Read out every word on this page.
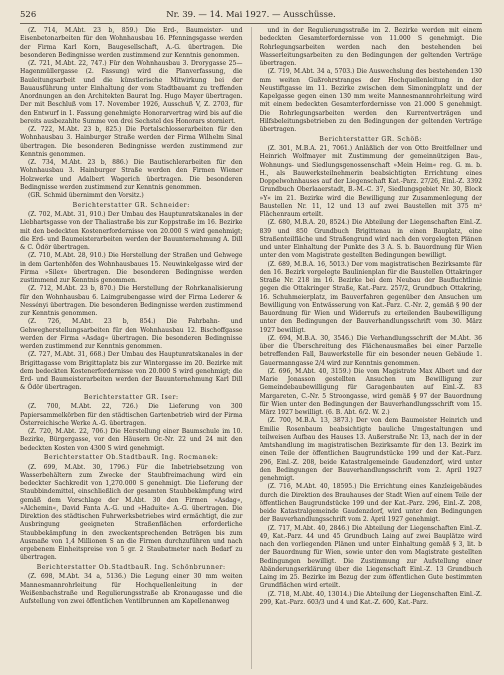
526	Nr. 39. — 14. Mai 1927. — Ausschüsse.

(Z. 714, M.Abt. 23 b, 859.) Die Erd-, Baumeister- und Eisenbetonarbeiten für den Wohnhausbau 16. Pfenningsgasse werden der Firma Karl Korn, Baugesellschaft, A.-G. übertragen. Die besonderen Bedingnisse werden zustimmend zur Kenntnis genommen.

(Z. 721, M.Abt. 22, 747.) Für den Wohnhausbau 3. Drorygasse 25—Hagenmüllergasse (2. Fassung) wird die Planverfassung, die Bauleitungsarbeit und die künstlerische Mitwirkung bei der Bauausführung unter Einhaltung der vom Stadtbauamt zu treffenden Anordnungen an den Architekten Baurat Ing. Hugo Mayer übertragen. Der mit Beschluß vom 17. November 1926, Ausschuß V, Z. 2703, für den Entwurf in 1. Fassung genehmigte Honorarvertrag wird bis auf die bereits ausbezahlte Summe von drei Sechstel des Honorars storniert.

(Z. 722, M.Abt. 23 b, 825.) Die Portalschlosserarbeiten für den Wohnhausbau 3. Hainburger Straße werden der Firma Wilhelm Sinal übertragen. Die besonderen Bedingnisse werden zustimmend zur Kenntnis genommen.

(Z. 734, M.Abt. 23 b, 886.) Die Bautischlerarbeiten für den Wohnhausbau 3. Hainburger Straße werden den Firmen Wiener Holzwerke und Adalbert Wagerich übertragen. Die besonderen Bedingnisse werden zustimmend zur Kenntnis genommen.

(GR. Schmid übernimmt den Vorsitz.)

Berichterstatter GR. Schneider:

(Z. 702, M.Abt. 31, 910.) Der Umbau des Hauptunratskanales in der Liebhartsgasse von der Thaliastraße bis zur Koppstraße im 16. Bezirke mit den bedeckten Kostenerfordernisse von 20.000 S wird genehmigt; die Erd- und Baumeisterarbeiten werden der Bauunternehmung A. Dill & C. Ödör übertragen.

(Z. 710, M.Abt. 28, 910.) Die Herstellung der Straßen und Gehwege in dem Gartenhöfen des Wohnhausbaues 15. Neuwinkelgasse wird der Firma »Silex« übertragen. Die besonderen Bedingnisse werden zustimmend zur Kenntnis genommen.

(Z. 712, M.Abt. 23 b, 870.) Die Herstellung der Rohrkanalisierung für den Wohnhausbau 6. Laimgrubengasse wird der Firma Lederer & Nessényi übertragen. Die besonderen Bedingnisse werden zustimmend zur Kenntnis genommen.

(Z. 726, M.Abt. 23 b, 854.) Die Fahrbahn- und Gehwegherstellungsarbeiten für den Wohnhausbau 12. Bischoffgasse werden der Firma »Asdag« übertragen. Die besonderen Bedingnisse werden zustimmend zur Kenntnis genommen.

(Z. 727, M.Abt. 31, 668.) Der Umbau des Hauptunratskanales in der Brigittagasse vom Brigittaplatz bis zur Wintergasse im 20. Bezirke mit dem bedeckten Kostenerfordernisse von 20.000 S wird genehmigt; die Erd- und Baumeisterarbeiten werden der Bauunternehmung Karl Dill & Ödör übertragen.

Berichterstatter GR. Iser:

(Z. 700, M.Abt. 22, 726.) Die Lieferung von 300 Papiersammelkörben für den städtischen Gartenbetrieb wird der Firma Österreichische Werke A.-G. übertragen.

(Z. 720, M.Abt. 22, 706.) Die Herstellung einer Baumschule im 10. Bezirke, Bürgergasse, vor den Häusern Or.-Nr. 22 und 24 mit den bedeckten Kosten von 4300 S wird genehmigt.

Berichterstatter Ob.StadtbauR. Ing. Rocmanek:

(Z. 699, M.Abt. 30, 1796.) Für die Inbetriebsetzung von Wasserbehältern zum Zwecke der Staubfreimachung wird ein bedeckter Sachkredit von 1,270.000 S genehmigt. Die Lieferung der Staubbindemittel, einschließlich der gesamten Staubbekämpfung wird gemäß dem Vorschlage der M.Abt. 30 den Firmen »Asdag«, »Alchemin«, David Fanta A.-G. und »Haduite« A.-G. übertragen. Die Direktion des städtischen Fuhrwerksbetriebes wird ermächtigt, die zur Ausbringung geeigneten Straßenflächen erforderliche Staubbekämpfung in den zweckentsprechenden Beträgen bis zum Ausmaße von 1,4 Millionen S an die Firmen durchzuführen und nach ergebenem Einheitspreise von 5 gr. 2 Staubatmeter nach Bedarf zu übertragen.

Berichterstatter Ob.StadtbauR. Ing. Schönbrunner:

(Z. 698, M.Abt. 34 a, 5136.) Die Legung einer 30 mm weiten Mannesmannrohrleitung für Hochquellenleitung in der Weißenbachstraße und Regulierungsstraße ab Kronaugasse und die Aufstellung von zwei öffentlichen Ventilbrunnen am Kapellenanweg

und in der Regulierungsstraße im 2. Bezirke werden mit einem bedeckten Gesamterfordernisse von 11.000 S genehmigt. Die Rohrlegungsarbeiten werden nach den bestehenden bei Wasserleitungsarbeiten zu den Bedingungen der geltenden Verträge übertragen.

(Z. 719, M.Abt. 34 a, 5703.) Die Auswechslung des bestehenden 130 mm weiten Gußrohrstranges der Hochquellenleitung in der Neustiftgasse im 11. Bezirke zwischen dem Simoningplatz und der Kapelgasse gegen einen 130 mm weite Mannesmannrohrleitung wird mit einem bedeckten Gesamterfordernisse von 21.000 S genehmigt. Die Rohrlegungsarbeiten werden den Kurrentverträgen und Hilfsbeleitungsbetrieben zu den Bedingungen der geltenden Verträge übertragen.

Berichterstatter GR. Schöß:

(Z. 301, M.B.A. 21, 7061.) Anläßlich der von Otto Breitfellner und Heinrich Wolfmayer mit Zustimmung der gemeinnützigen Bau-, Wohnungs- und Siedlungsgenossenschaft »Mein Heim« reg. G. m. b. H., als Bauwerksteilnehmerin beabsichtigten Errichtung eines Doppelwohnhauses auf der Liegenschaft Kat.-Parz. 27/26, Einl.-Z. 3392 Grundbuch Oberlaaerstadt, B.-M.-C. 37, Siedlungsgebiet Nr. 30, Block »Y« im 21. Bezirke wird die Bewilligung zur Zusammenlegung der Baustellen Nr. 11, 12 und 13 auf zwei Baustellen mit 375 m² Flächenraum erteilt.

(Z. 680, M.B.A. 20, 8524.) Die Abteilung der Liegenschaften Einl.-Z. 839 und 850 Grundbuch Brigittenau in einen Bauplatz, eine Straßenteilfläche und Straßengrund wird nach den vorgelegten Plänen und unter Einhaltung der Punkte des 3 A. S. b. Bauordnung für Wien unter den vom Magistrate gestellten Bedingungen bewilligt.

(Z. 689, M.B.A. 16, 5013.) Der vom magistratischen Bezirksamte für den 16. Bezirk vorgelegte Baulinienplan für die Baustellen Ottakringer Straße Nr. 218 im 16. Bezirke bei dem Neubau der Baufluchtlinie gegen die Ottakringer Straße, Kat.-Parz. 257/2, Grundbuch Ottakring, 16. Schuhmeierplatz, im Bauverfahren gegenüber den Ansuchen um Bewilligung von Entwässerung von Kat.-Parz. C.-Nr. 2, gemäß § 90 der Bauordnung für Wien und Widerrufs zu erteilenden Baubewilligung unter den Bedingungen der Bauverhandlungsschrift vom 30. März 1927 bewilligt.

(Z. 694, M.B.A. 30, 3546.) Die Verhandlungsschrift der M.Abt. 36 über die Überschreitung des Flächenausmaßes bei einer Parzelle betreffenden Fall, Bauwerkstelle für ein besonder neuen Gebäude 1. Gauermanngasse 2/4 wird zur Kenntnis genommen.

(Z. 696, M.Abt. 40, 3159.) Die vom Magistrate Max Albert und der Marie Jonasson gestellten Ansuchen um Bewilligung zur Gemeindebaubewilligung für Garagenbauten auf Einl.-Z. 83 Margareten, C.-Nr. 5 Stroongasse, wird gemäß § 97 der Bauordnung für Wien unter den Bedingungen der Bauverhandlungsschrift vom 15. März 1927 bewilligt. (6. B. Abt. 6/2. W. 2.)

(Z. 700, M.B.A. 13, 3873.) Der von dem Baumeister Heinrich und Emilie Rosenbaum beabsichtigte bauliche Umgestaltungen und teilweisen Aufbau des Hauses 13. Außerstraße Nr. 13, nach der in der Amtshandlung im magistratischen Bezirksamte für den 13. Bezirk im einen Teile der öffentlichen Baugrundstücke 199 und der Kat.-Parz. 296, Einl.-Z. 208, beide Katastralgemeinde Gaudenzdorf, wird unter den Bedingungen der Bauverhandlungsschrift vom 2. April 1927 genehmigt.

(Z. 716, M.Abt. 40, 18595.) Die Errichtung eines Kanzleigebäudes durch die Direktion des Brauhauses der Stadt Wien auf einem Teile der öffentlichen Baugrundstücke 199 und der Kat.-Parz. 296, Einl.-Z. 208, beide Katastralgemeinde Gaudenzdorf, wird unter den Bedingungen der Bauverhandlungsschrift vom 2. April 1927 genehmigt.

(Z. 717, M.Abt. 40, 2846.) Die Abteilung der Liegenschaften Einl.-Z. 49, Kat.-Parz. 44 und 45 Grundbuch Laing auf zwei Bauplätze wird nach den vorliegenden Plänen und unter Einhaltung gemäß § 3, lit. b der Bauordnung für Wien, sowie unter den vom Magistrate gestellten Bedingungen bewilligt. Die Zustimmung zur Aufstellung einer Abänderungserklärung über die Liegenschaft Einl.-Z. 13 Grundbuch Laing im 25. Bezirke im Bezug der zum öffentlichen Gute bestimmten Grundflächen wird erteilt.

(Z. 718, M.Abt. 40, 13014.) Die Abteilung der Liegenschaften Einl.-Z. 299, Kat.-Parz. 603/3 und 4 und Kat.-Z. 600, Kat.-Parz.
